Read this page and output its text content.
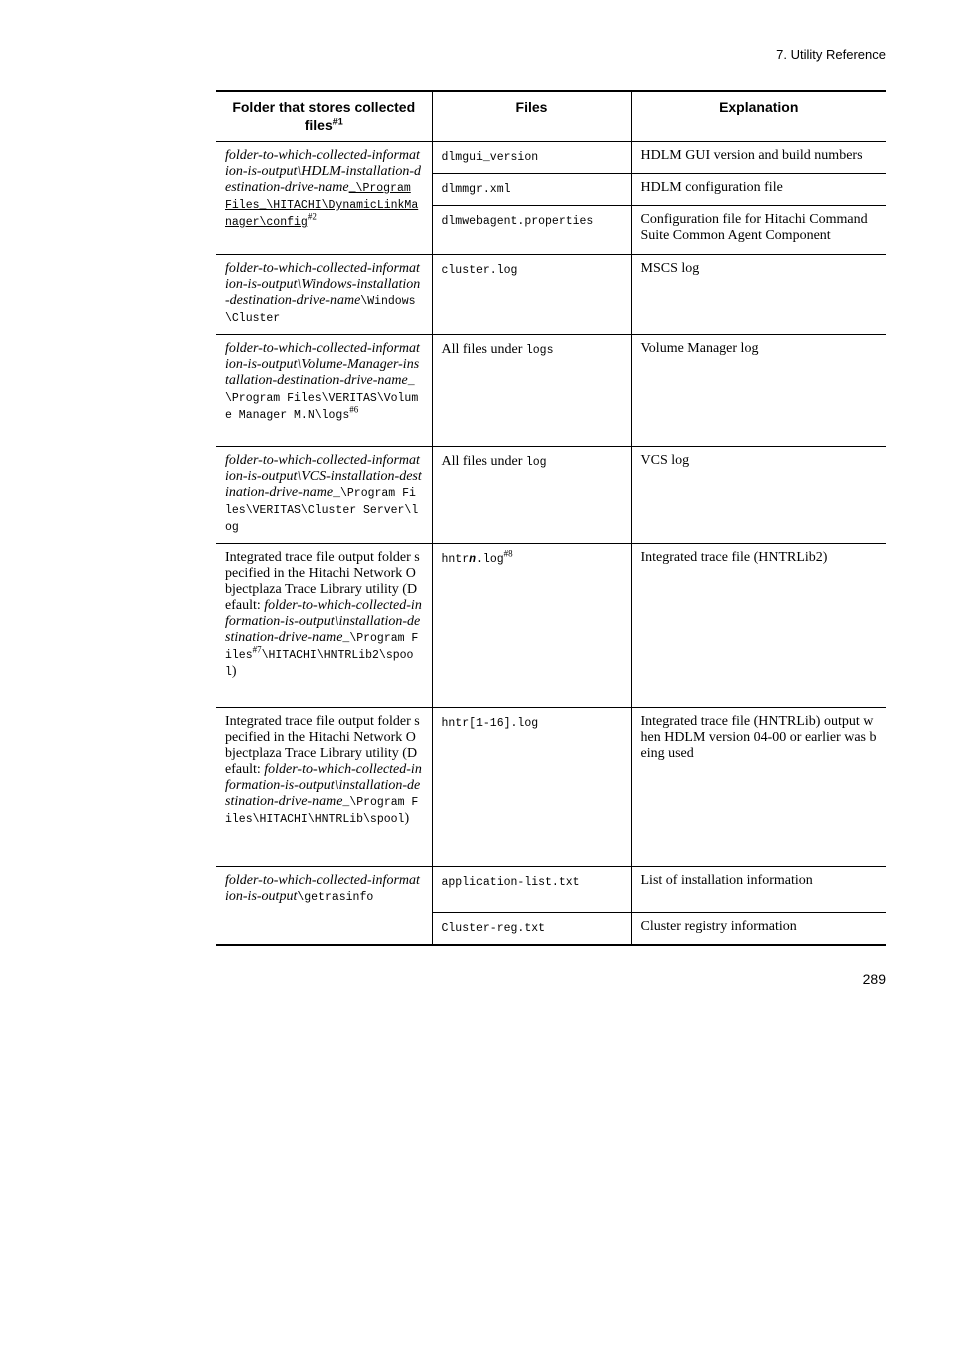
7. Utility Reference
Folder that stores collected files$^{\#1}$	Files	Explanation
folder-to-which-collected-information-is-output\HDLM-installation-destination-drive-name_\Program Files_\HITACHI\DynamicLinkManager\config$^{\#2}$	dlmgui_version	HDLM GUI version and build numbers
	dlmmgr.xml	HDLM configuration file
	dlmwebagent.properties	Configuration file for Hitachi Command Suite Common Agent Component
folder-to-which-collected-information-is-output\Windows-installation-destination-drive-name\Windows\Cluster	cluster.log	MSCS log
folder-to-which-collected-information-is-output\Volume-Manager-installation-destination-drive-name_\Program Files\VERITAS\Volume Manager M.N\logs$^{\#6}$	All files under logs	Volume Manager log
folder-to-which-collected-information-is-output\VCS-installation-destination-drive-name_\Program Files\VERITAS\Cluster Server\log	All files under log	VCS log
Integrated trace file output folder specified in the Hitachi Network Objectplaza Trace Library utility (Default: folder-to-which-collected-information-is-output\installation-destination-drive-name_\Program Files$^{\#7}$\HITACHI\HNTRLib2\spool)	$hntrn.\log^{\#8}$	Integrated trace file (HNTRLib2)
Integrated trace file output folder specified in the Hitachi Network Objectplaza Trace Library utility (Default: folder-to-which-collected-information-is-output\installation-destination-drive-name_\Program Files\HITACHI\HNTRLib\spool)	hntr[1-16].log	Integrated trace file (HNTRLib) output when HDLM version 04-00 or earlier was being used
folder-to-which-collected-information-is-output\getrasinfo	application-list.txt	List of installation information
	Cluster-reg.txt	Cluster registry information
289
